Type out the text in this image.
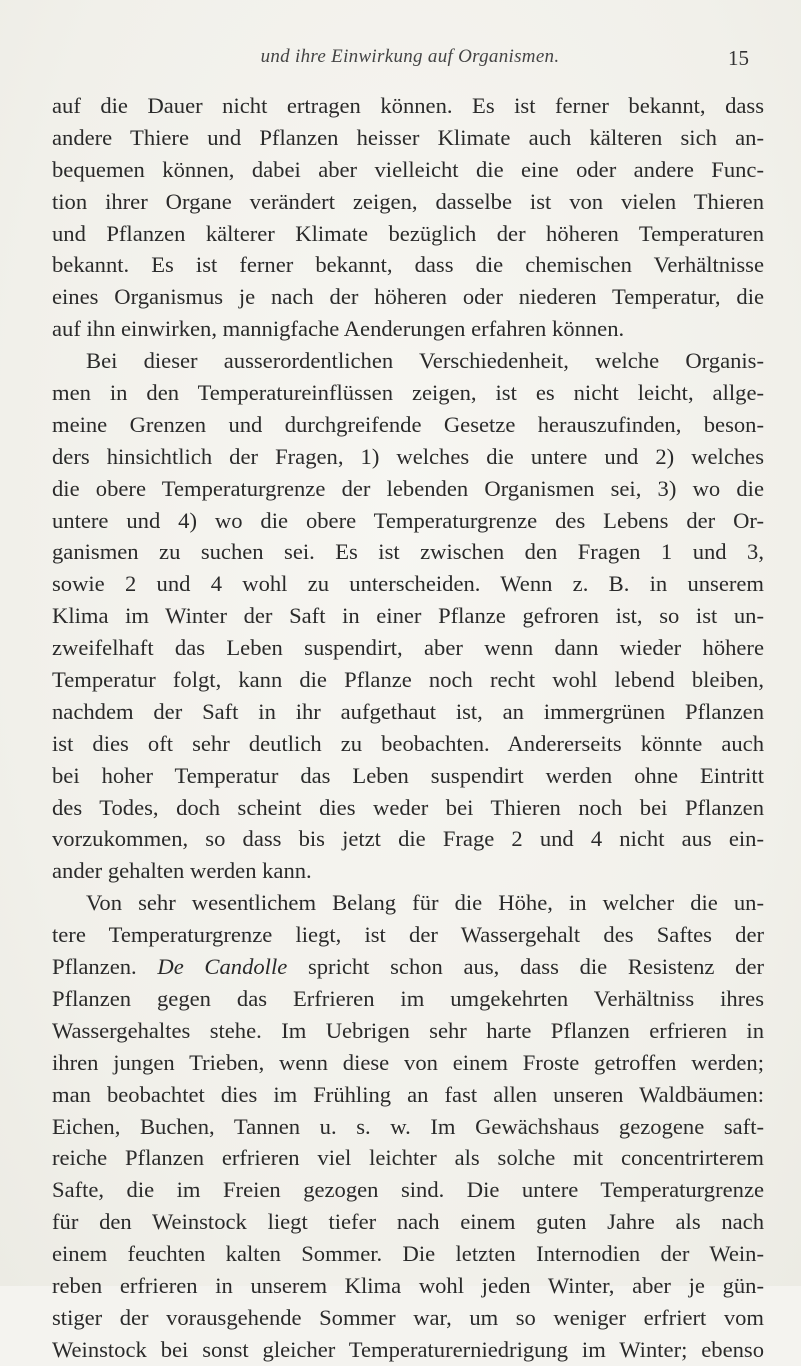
und ihre Einwirkung auf Organismen.	15
auf die Dauer nicht ertragen können. Es ist ferner bekannt, dass
andere Thiere und Pflanzen heisser Klimate auch kälteren sich an-
bequemen können, dabei aber vielleicht die eine oder andere Func-
tion ihrer Organe verändert zeigen, dasselbe ist von vielen Thieren
und Pflanzen kälterer Klimate bezüglich der höheren Temperaturen
bekannt. Es ist ferner bekannt, dass die chemischen Verhältnisse
eines Organismus je nach der höheren oder niederen Temperatur, die
auf ihn einwirken, mannigfache Aenderungen erfahren können.
Bei dieser ausserordentlichen Verschiedenheit, welche Organis-
men in den Temperatureinflüssen zeigen, ist es nicht leicht, allge-
meine Grenzen und durchgreifende Gesetze herauszufinden, beson-
ders hinsichtlich der Fragen, 1) welches die untere und 2) welches
die obere Temperaturgrenze der lebenden Organismen sei, 3) wo die
untere und 4) wo die obere Temperaturgrenze des Lebens der Or-
ganismen zu suchen sei. Es ist zwischen den Fragen 1 und 3,
sowie 2 und 4 wohl zu unterscheiden. Wenn z. B. in unserem
Klima im Winter der Saft in einer Pflanze gefroren ist, so ist un-
zweifelhaft das Leben suspendirt, aber wenn dann wieder höhere
Temperatur folgt, kann die Pflanze noch recht wohl lebend bleiben,
nachdem der Saft in ihr aufgethaut ist, an immergrünen Pflanzen
ist dies oft sehr deutlich zu beobachten. Andererseits könnte auch
bei hoher Temperatur das Leben suspendirt werden ohne Eintritt
des Todes, doch scheint dies weder bei Thieren noch bei Pflanzen
vorzukommen, so dass bis jetzt die Frage 2 und 4 nicht aus ein-
ander gehalten werden kann.
Von sehr wesentlichem Belang für die Höhe, in welcher die un-
tere Temperaturgrenze liegt, ist der Wassergehalt des Saftes der
Pflanzen. De Candolle spricht schon aus, dass die Resistenz der
Pflanzen gegen das Erfrieren im umgekehrten Verhältniss ihres
Wassergehaltes stehe. Im Uebrigen sehr harte Pflanzen erfrieren in
ihren jungen Trieben, wenn diese von einem Froste getroffen werden;
man beobachtet dies im Frühling an fast allen unseren Waldbäumen:
Eichen, Buchen, Tannen u. s. w. Im Gewächshaus gezogene saft-
reiche Pflanzen erfrieren viel leichter als solche mit concentrirterem
Safte, die im Freien gezogen sind. Die untere Temperaturgrenze
für den Weinstock liegt tiefer nach einem guten Jahre als nach
einem feuchten kalten Sommer. Die letzten Internodien der Wein-
reben erfrieren in unserem Klima wohl jeden Winter, aber je gün-
stiger der vorausgehende Sommer war, um so weniger erfriert vom
Weinstock bei sonst gleicher Temperaturerniedrigung im Winter; ebenso
